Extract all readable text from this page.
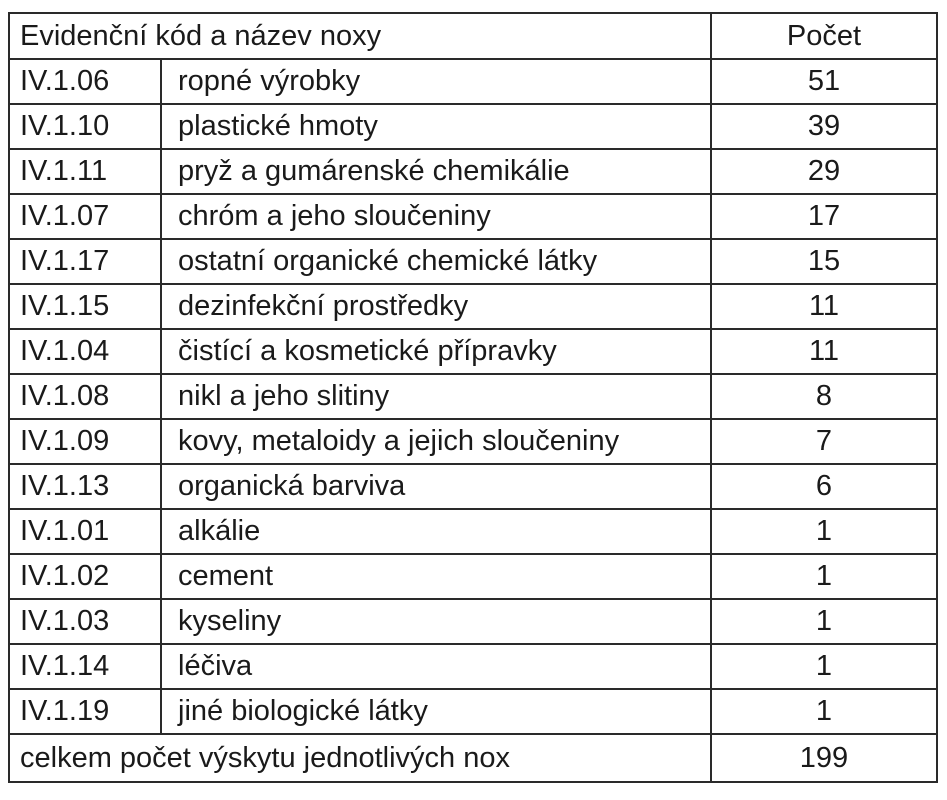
Evidenční kód a název noxy		Počet
IV.1.06	ropné výrobky	51
IV.1.10	plastické hmoty	39
IV.1.11	pryž a gumárenské chemikálie	29
IV.1.07	chróm a jeho sloučeniny	17
IV.1.17	ostatní organické chemické látky	15
IV.1.15	dezinfekční prostředky	11
IV.1.04	čistící a kosmetické přípravky	11
IV.1.08	nikl a jeho slitiny	8
IV.1.09	kovy, metaloidy a jejich sloučeniny	7
IV.1.13	organická barviva	6
IV.1.01	alkálie	1
IV.1.02	cement	1
IV.1.03	kyseliny	1
IV.1.14	léčiva	1
IV.1.19	jiné biologické látky	1
celkem počet výskytu jednotlivých nox		199
